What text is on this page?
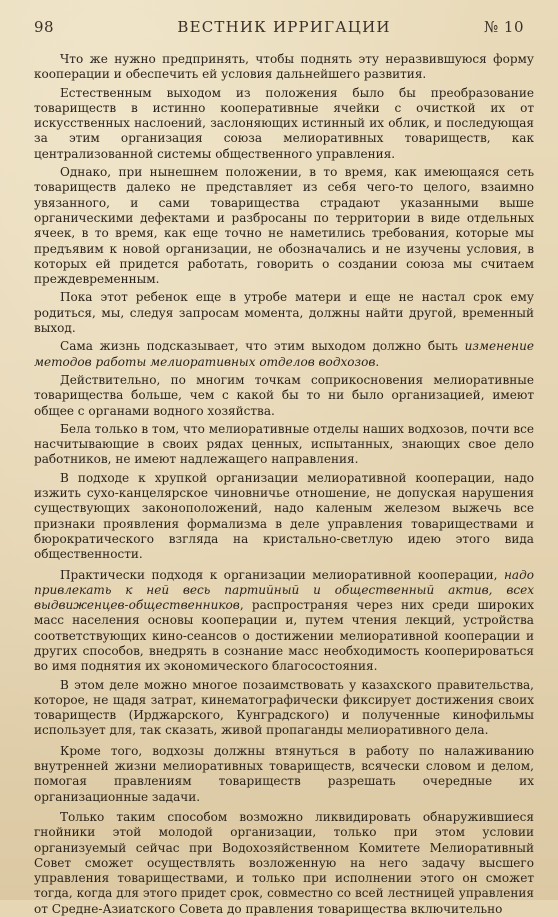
98	ВЕСТНИК ИРРИГАЦИИ	№ 10

Что же нужно предпринять, чтобы поднять эту неразвившуюся форму кооперации и обеспечить ей условия дальнейшего развития.

Естественным выходом из положения было бы преобразование товариществ в истинно кооперативные ячейки с очисткой их от искусственных наслоений, заслоняющих истинный их облик, и последующая за этим организация союза мелиоративных товариществ, как централизованной системы общественного управления.

Однако, при нынешнем положении, в то время, как имеющаяся сеть товариществ далеко не представляет из себя чего-то целого, взаимно увязанного, и сами товарищества страдают указанными выше органическими дефектами и разбросаны по территории в виде отдельных ячеек, в то время, как еще точно не наметились требования, которые мы предъявим к новой организации, не обозначались и не изучены условия, в которых ей придется работать, говорить о создании союза мы считаем преждевременным.

Пока этот ребенок еще в утробе матери и еще не настал срок ему родиться, мы, следуя запросам момента, должны найти другой, временный выход.

Сама жизнь подсказывает, что этим выходом должно быть изменение методов работы мелиоративных отделов водхозов.

Действительно, по многим точкам соприкосновения мелиоративные товарищества больше, чем с какой бы то ни было организацией, имеют общее с органами водного хозяйства.

Бела только в том, что мелиоративные отделы наших водхозов, почти все насчитывающие в своих рядах ценных, испытанных, знающих свое дело работников, не имеют надлежащего направления.

В подходе к хрупкой организации мелиоративной кооперации, надо изжить сухо-канцелярское чиновничье отношение, не допуская нарушения существующих законоположений, надо каленым железом выжечь все признаки проявления формализма в деле управления товариществами и бюрократического взгляда на кристально-светлую идею этого вида общественности.

Практически подходя к организации мелиоративной кооперации, надо привлекать к ней весь партийный и общественный актив, всех выдвиженцев-общественников, распространяя через них среди широких масс населения основы кооперации и, путем чтения лекций, устройства соответствующих кино-сеансов о достижении мелиоративной кооперации и других способов, внедрять в сознание масс необходимость кооперироваться во имя поднятия их экономического благосостояния.

В этом деле можно многое позаимствовать у казахского правительства, которое, не щадя затрат, кинематографически фиксирует достижения своих товариществ (Ирджарского, Кунградского) и полученные кинофильмы использует для, так сказать, живой пропаганды мелиоративного дела.

Кроме того, водхозы должны втянуться в работу по налаживанию внутренней жизни мелиоративных товариществ, всячески словом и делом, помогая правлениям товариществ разрешать очередные их организационные задачи.

Только таким способом возможно ликвидировать обнаружившиеся гнойники этой молодой организации, только при этом условии организуемый сейчас при Водохозяйственном Комитете Мелиоративный Совет сможет осуществлять возложенную на него задачу высшего управления товариществами, и только при исполнении этого он сможет тогда, когда для этого придет срок, совместно со всей лестницей управления от Средне-Азиатского Совета до правления товарищества включительно
